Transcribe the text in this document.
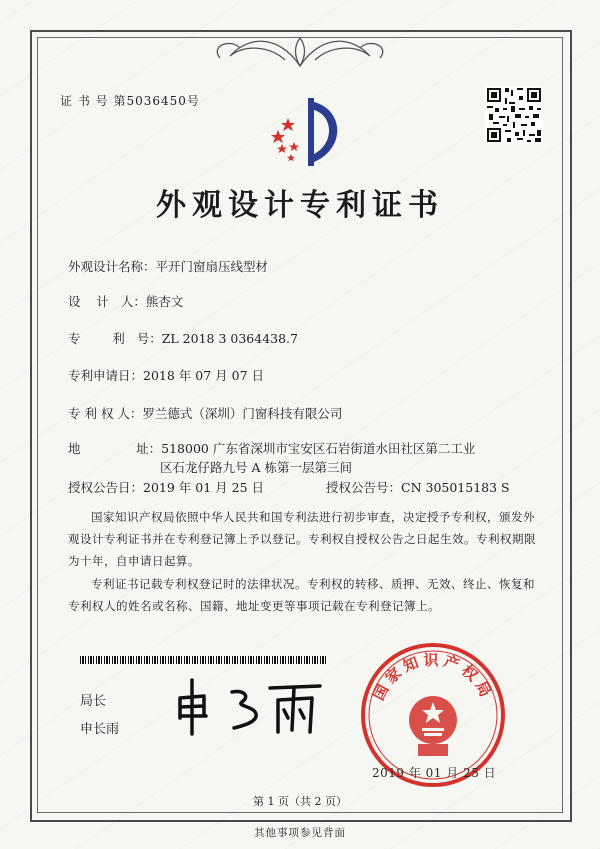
证 书 号 第5036450号
外观设计专利证书
外观设计名称：平开门窗扇压线型材
设    计   人：熊杏文
专        利   号：ZL 2018 3 0364438.7
专利申请日：2018 年 07 月 07 日
专 利 权 人：罗兰德式（深圳）门窗科技有限公司
地              址：518000 广东省深圳市宝安区石岩街道水田社区第二工业
区石龙仔路九号 A 栋第一层第三间
授权公告日：2019 年 01 月 25 日	授权公告号：CN 305015183 S
国家知识产权局依照中华人民共和国专利法进行初步审查，决定授予专利权，颁发外观设计专利证书并在专利登记簿上予以登记。专利权自授权公告之日起生效。专利权期限为十年，自申请日起算。
专利证书记载专利权登记时的法律状况。专利权的转移、质押、无效、终止、恢复和专利权人的姓名或名称、国籍、地址变更等事项记载在专利登记簿上。
局长
申长雨
国家知识产权局
2019 年 01 月 25 日
第 1 页（共 2 页）
其他事项参见背面
